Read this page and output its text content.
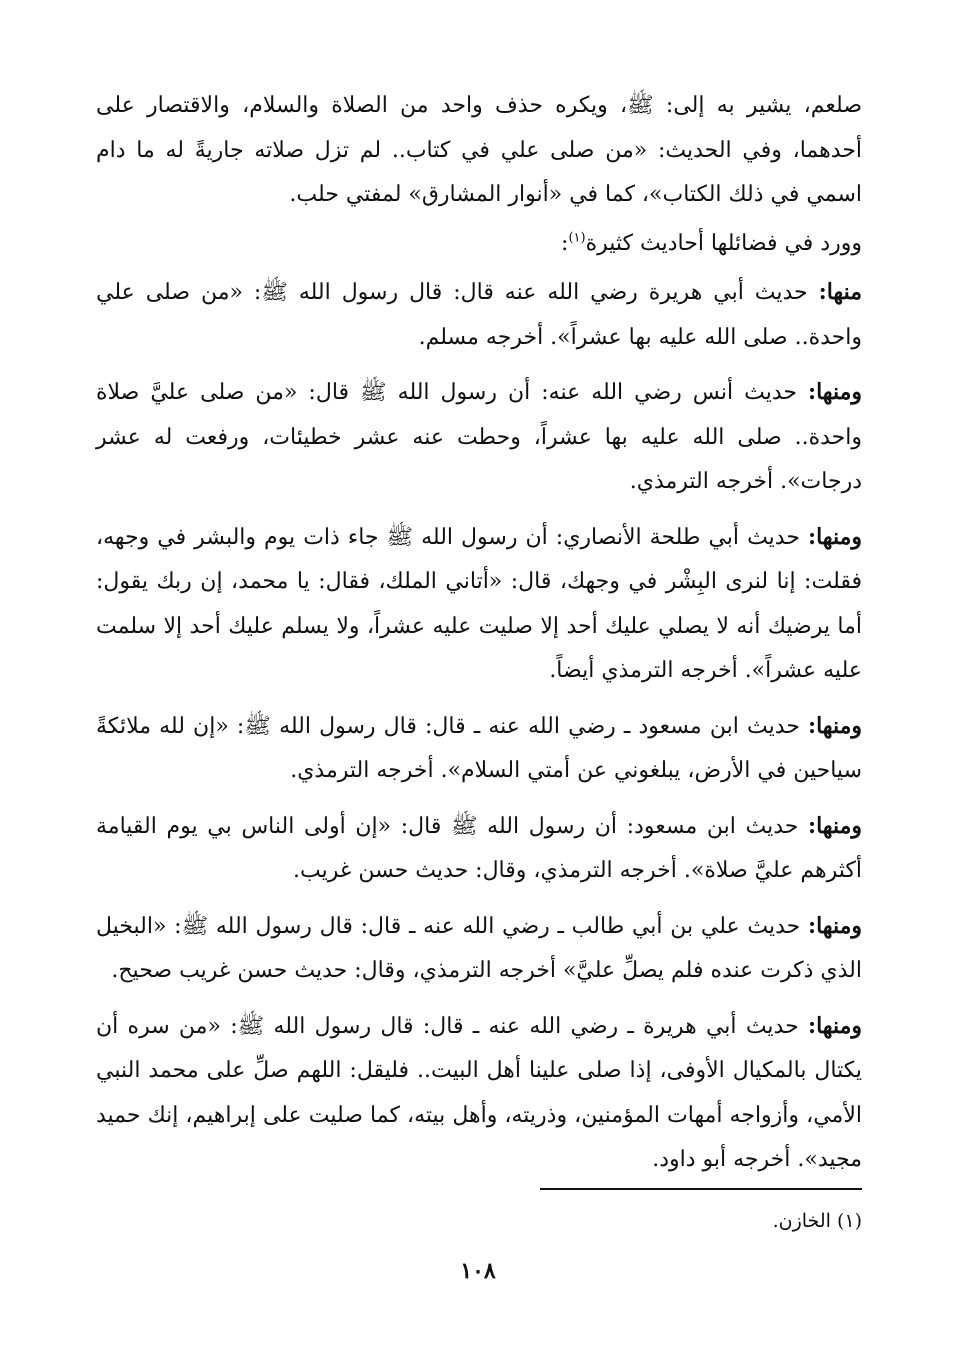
صلعم، يشير به إلى: ﷺ، ويكره حذف واحد من الصلاة والسلام، والاقتصار على أحدهما، وفي الحديث: «من صلى علي في كتاب.. لم تزل صلاته جاريةً له ما دام اسمي في ذلك الكتاب»، كما في «أنوار المشارق» لمفتي حلب.

وورد في فضائلها أحاديث كثيرة$^{(١)}$:

منها: حديث أبي هريرة رضي الله عنه قال: قال رسول الله ﷺ: «من صلى علي واحدة.. صلى الله عليه بها عشراً». أخرجه مسلم.

ومنها: حديث أنس رضي الله عنه: أن رسول الله ﷺ قال: «من صلى عليَّ صلاة واحدة.. صلى الله عليه بها عشراً، وحطت عنه عشر خطيئات، ورفعت له عشر درجات». أخرجه الترمذي.

ومنها: حديث أبي طلحة الأنصاري: أن رسول الله ﷺ جاء ذات يوم والبشر في وجهه، فقلت: إنا لنرى البِشْر في وجهك، قال: «أتاني الملك، فقال: يا محمد، إن ربك يقول: أما يرضيك أنه لا يصلي عليك أحد إلا صليت عليه عشراً، ولا يسلم عليك أحد إلا سلمت عليه عشراً». أخرجه الترمذي أيضاً.

ومنها: حديث ابن مسعود ـ رضي الله عنه ـ قال: قال رسول الله ﷺ: «إن لله ملائكةً سياحين في الأرض، يبلغوني عن أمتي السلام». أخرجه الترمذي.

ومنها: حديث ابن مسعود: أن رسول الله ﷺ قال: «إن أولى الناس بي يوم القيامة أكثرهم عليَّ صلاة». أخرجه الترمذي، وقال: حديث حسن غريب.

ومنها: حديث علي بن أبي طالب ـ رضي الله عنه ـ قال: قال رسول الله ﷺ: «البخيل الذي ذكرت عنده فلم يصلِّ عليَّ» أخرجه الترمذي، وقال: حديث حسن غريب صحيح.

ومنها: حديث أبي هريرة ـ رضي الله عنه ـ قال: قال رسول الله ﷺ: «من سره أن يكتال بالمكيال الأوفى، إذا صلى علينا أهل البيت.. فليقل: اللهم صلِّ على محمد النبي الأمي، وأزواجه أمهات المؤمنين، وذريته، وأهل بيته، كما صليت على إبراهيم، إنك حميد مجيد». أخرجه أبو داود.

(١) الخازن.
١٠٨
